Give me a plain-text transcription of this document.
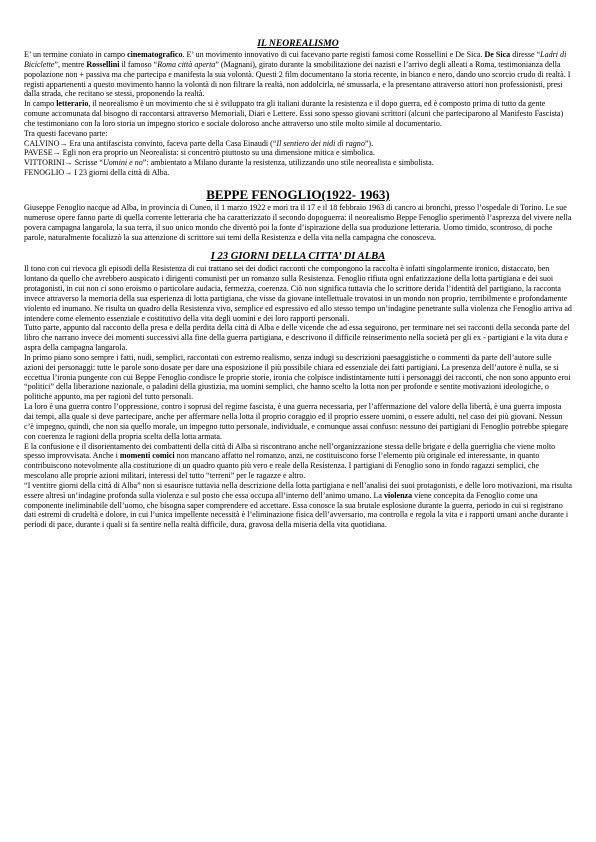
IL NEOREALISMO

E’ un termine coniato in campo cinematografico. E’ un movimento innovativo di cui facevano parte registi famosi come Rossellini e De Sica. De Sica diresse “Ladri di Biciclette”, mentre Rossellini il famoso “Roma città aperta” (Magnani), girato durante la smobilitazione dei nazisti e l’arrivo degli alleati a Roma, testimonianza della popolazione non + passiva ma che partecipa e manifesta la sua volontà. Questi 2 film documentano la storia recente, in bianco e nero, dando uno scorcio crudo di realtà. I registi appartenenti a questo movimento hanno la volontà di non filtrare la realtà, non addolcirla, né smussarla, e la presentano attraverso attori non professionisti, presi dalla strada, che recitano se stessi, proponendo la realtà.

In campo letterario, il neorealismo è un movimento che si è sviluppato tra gli italiani durante la resistenza e il dopo guerra, ed è composto prima di tutto da gente comune accomunata dal bisogno di raccontarsi attraverso Memoriali, Diari e Lettere. Essi sono spesso giovani scrittori (alcuni che parteciparono al Manifesto Fascista) che testimoniano con la loro storia un impegno storico e sociale doloroso anche attraverso uno stile molto simile al documentario.

Tra questi facevano parte:

CALVINO→ Era una antifascista convinto, faceva parte della Casa Einaudi (“Il sentiero dei nidi di ragno”).

PAVESE→ Egli non era proprio un Neorealista: si concentrò piuttosto su una dimensione mitica e simbolica.

VITTORINI→ Scrisse “Uomini e no”: ambientato a Milano durante la resistenza, utilizzando uno stile neorealista e simbolista.

FENOGLIO→ I 23 giorni della città di Alba.

BEPPE FENOGLIO(1922- 1963)

Giuseppe Fenoglio nacque ad Alba, in provincia di Cuneo, il 1 marzo 1922 e morì tra il 17 e il 18 febbraio 1963 di cancro ai bronchi, presso l’ospedale di Torino. Le sue numerose opere fanno parte di quella corrente letteraria che ha caratterizzato il secondo dopoguerra: il neorealismo Beppe Fenoglio sperimentò l’asprezza del vivere nella povera campagna langarola, la sua terra, il suo unico mondo che diventò poi la fonte d’ispirazione della sua produzione letteraria. Uomo timido, scontroso, di poche parole, naturalmente focalizzò la sua attenzione di scrittore sui temi della Resistenza e della vita nella campagna che conosceva.

I 23 GIORNI DELLA CITTA’ DI ALBA

Il tono con cui rievoca gli episodi della Resistenza di cui trattano sei dei dodici racconti che compongono la raccolta è infatti singolarmente ironico, distaccato, ben lontano da quello che avrebbero auspicato i dirigenti comunisti per un romanzo sulla Resistenza. Fenoglio rifiuta ogni enfatizzazione della lotta partigiana e dei suoi protagonisti, in cui non ci sono eroismo o particolare audacia, fermezza, coerenza. Ciò non significa tuttavia che lo scrittore derida l’identità del partigiano, la racconta invece attraverso la memoria della sua esperienza di lotta partigiana, che visse da giovane intellettuale trovatosi in un mondo non proprio, terribilmente e profondamente violento ed inumano. Ne risulta un quadro della Resistenza vivo, semplice ed espressivo ed allo stesso tempo un’indagine penetrante sulla violenza che Fenoglio arriva ad intendere come elemento essenziale e costitutivo della vita degli uomini e dei loro rapporti personali.

Tutto parte, appunto dal racconto della presa e della perdita della città di Alba e delle vicende che ad essa seguirono, per terminare nei sei racconti della seconda parte del libro che narrano invece dei momenti successivi alla fine della guerra partigiana, e descrivono il difficile reinserimento nella società per gli ex - partigiani e la vita dura e aspra della campagna langarola.

In primo piano sono sempre i fatti, nudi, semplici, raccontati con estremo realismo, senza indugi su descrizioni paesaggistiche o commenti da parte dell’autore sulle azioni dei personaggi: tutte le parole sono dosate per dare una esposizione il più possibile chiara ed essenziale dei fatti partigiani. La presenza dell’autore è nulla, se si eccettua l’ironia pungente con cui Beppe Fenoglio condisce le proprie storie, ironia che colpisce indistintamente tutti i personaggi dei racconti, che non sono appunto eroi “politici” della liberazione nazionale, o paladini della giustizia, ma uomini semplici, che hanno scelto la lotta non per profonde e sentite motivazioni ideologiche, o politiche appunto, ma per ragioni del tutto personali.

La loro è una guerra contro l’oppressione, contro i soprusi del regime fascista, è una guerra necessaria, per l’affermazione del valore della libertà, è una guerra imposta dai tempi, alla quale si deve partecipare, anche per affermare nella lotta il proprio coraggio ed il proprio essere uomini, o essere adulti, nel caso dei più giovani. Nessun c’è impegno, quindi, che non sia quello morale, un impegno tutto personale, individuale, e comunque assai confuso: nessuno dei partigiani di Fenoglio potrebbe spiegare con coerenza le ragioni della propria scelta della lotta armata.

E la confusione e il disorientamento dei combattenti della città di Alba si riscontrano anche nell’organizzazione stessa delle brigate e della guerriglia che viene molto spesso improvvisata. Anche i momenti comici non mancano affatto nel romanzo, anzi, ne costituiscono forse l’elemento più originale ed interessante, in quanto contribuiscono notevolmente alla costituzione di un quadro quanto più vero e reale della Resistenza. I partigiani di Fenoglio sono in fondo ragazzi semplici, che mescolano alle proprie azioni militari, interessi del tutto “terreni” per le ragazze e altro.

“I ventitre giorni della città di Alba” non si esaurisce tuttavia nella descrizione della lotta partigiana e nell’analisi dei suoi protagonisti, e delle loro motivazioni, ma risulta essere altresì un’indagine profonda sulla violenza e sul posto che essa occupa all’interno dell’animo umano. La violenza viene concepita da Fenoglio come una componente ineliminabile dell’uomo, che bisogna saper comprendere ed accettare. Essa conosce la sua brutale esplosione durante la guerra, periodo in cui si registrano dati estremi di crudeltà e dolore, in cui l’unica impellente necessità è l’eliminazione fisica dell’avversario, ma controlla e regola la vita e i rapporti umani anche durante i periodi di pace, durante i quali si fa sentire nella realtà difficile, dura, gravosa della miseria della vita quotidiana.
